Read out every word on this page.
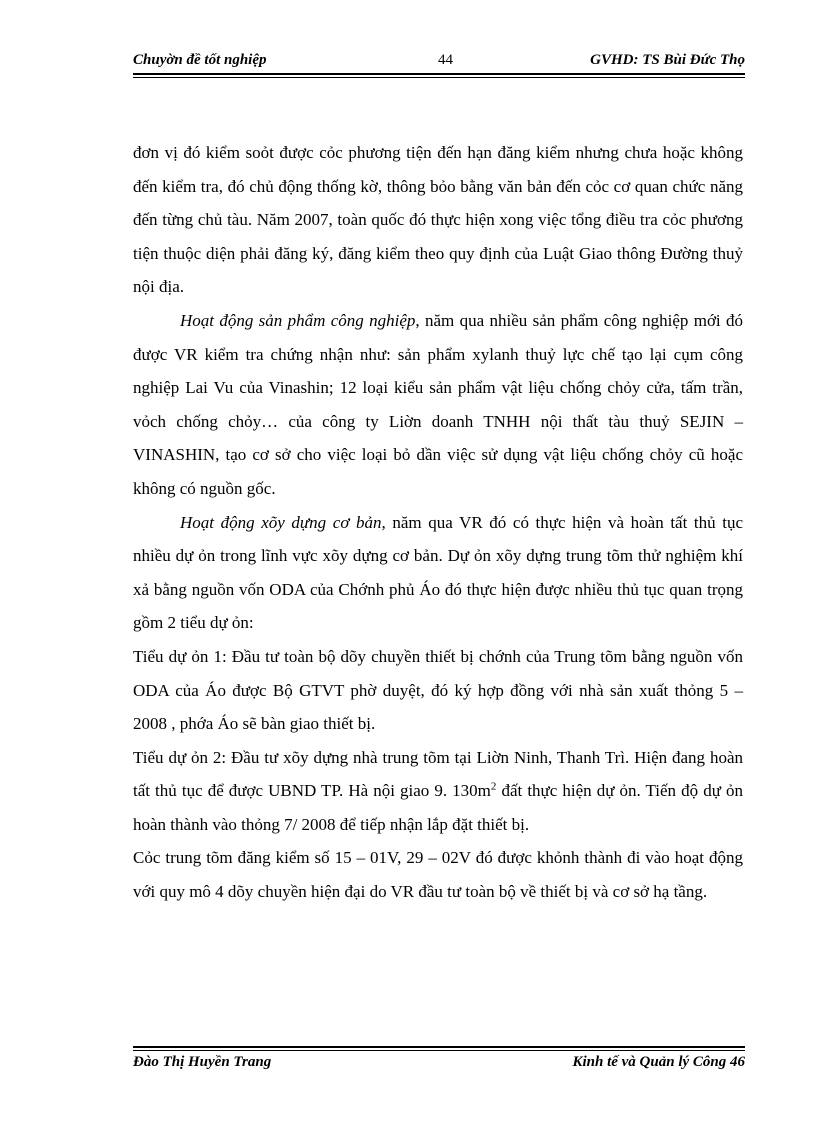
Chuyờn đề tốt nghiệp	44	GVHD: TS Bùi Đức Thọ

đơn vị đó kiểm soỏt được cỏc phương tiện đến hạn đăng kiểm nhưng chưa hoặc không đến kiểm tra, đó chủ động thống kờ, thông bỏo bằng văn bản đến cỏc cơ quan chức năng đến từng chủ tàu. Năm 2007, toàn quốc đó thực hiện xong việc tổng điều tra cỏc phương tiện thuộc diện phải đăng ký, đăng kiểm theo quy định của Luật Giao thông Đường thuỷ nội địa.

Hoạt động sản phẩm công nghiệp, năm qua nhiều sản phẩm công nghiệp mới đó được VR kiểm tra chứng nhận như: sản phẩm xylanh thuỷ lực chế tạo lại cụm công nghiệp Lai Vu của Vinashin; 12 loại kiểu sản phẩm vật liệu chống chỏy cửa, tấm trần, vỏch chống chỏy… của công ty Liờn doanh TNHH nội thất tàu thuỷ SEJIN – VINASHIN, tạo cơ sở cho việc loại bỏ dần việc sử dụng vật liệu chống chỏy cũ hoặc không có nguồn gốc.

Hoạt động xõy dựng cơ bản, năm qua VR đó có thực hiện và hoàn tất thủ tục nhiều dự ỏn trong lĩnh vực xõy dựng cơ bản. Dự ỏn xõy dựng trung tõm thử nghiệm khí xả bằng nguồn vốn ODA của Chớnh phủ Áo đó thực hiện được nhiều thủ tục quan trọng gồm 2 tiểu dự ỏn:

Tiểu dự ỏn 1: Đầu tư toàn bộ dõy chuyền thiết bị chớnh của Trung tõm bằng nguồn vốn ODA của Áo được Bộ GTVT phờ duyệt, đó ký hợp đồng với nhà sản xuất thỏng 5 – 2008 , phớa Áo sẽ bàn giao thiết bị.

Tiểu dự ỏn 2: Đầu tư xõy dựng nhà trung tõm tại Liờn Ninh, Thanh Trì. Hiện đang hoàn tất thủ tục để được UBND TP. Hà nội giao 9. $130m^2$ đất thực hiện dự ỏn. Tiến độ dự ỏn hoàn thành vào thỏng 7/ 2008 để tiếp nhận lắp đặt thiết bị.

Cỏc trung tõm đăng kiểm số 15 – 01V, 29 – 02V đó được khỏnh thành đi vào hoạt động với quy mô 4 dõy chuyền hiện đại do VR đầu tư toàn bộ về thiết bị và cơ sở hạ tầng.

Đào Thị Huyền Trang	Kinh tế và Quản lý Công 46
